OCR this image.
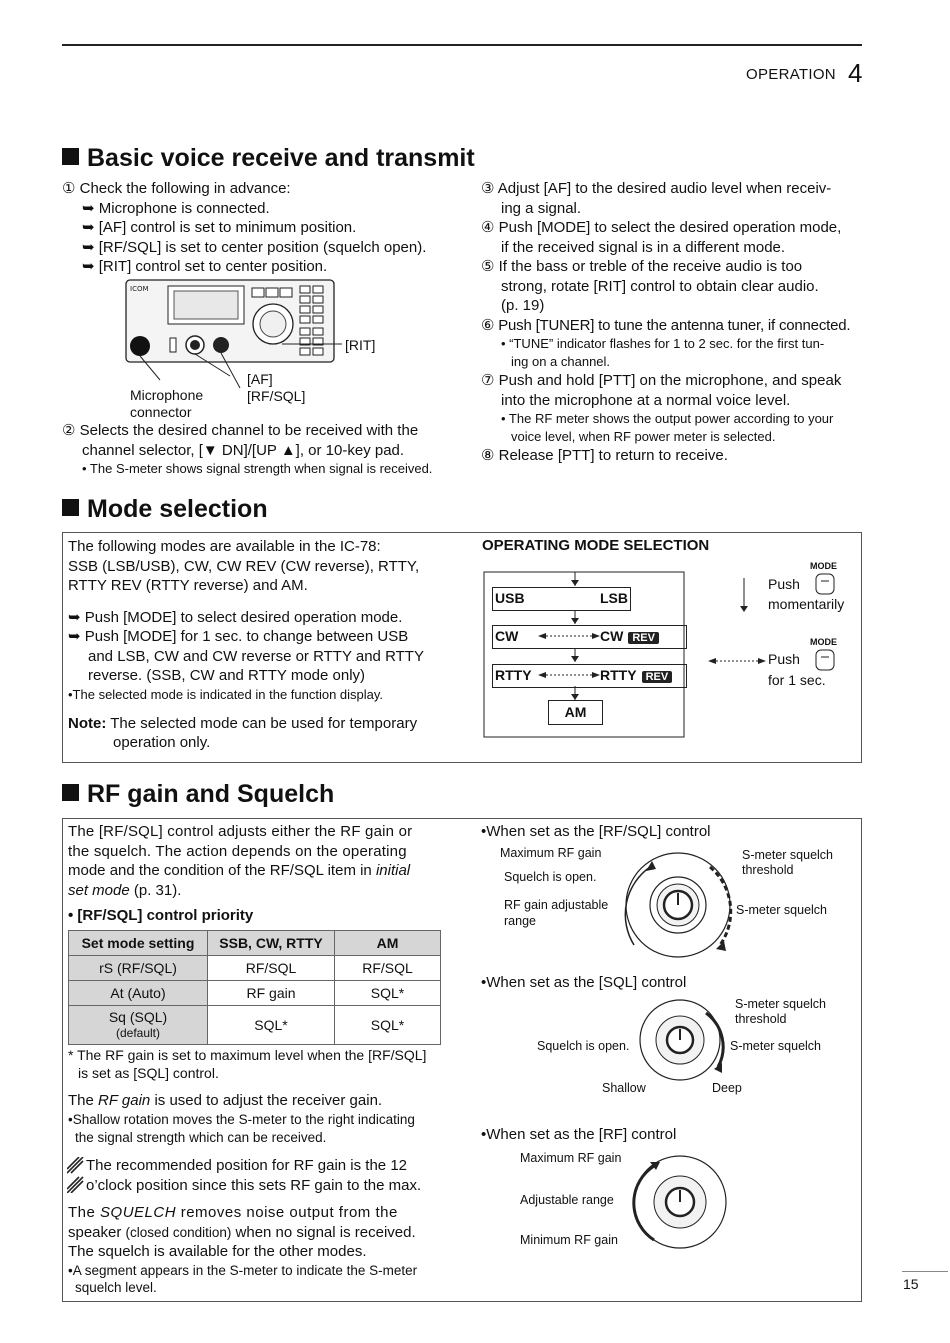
OPERATION 4
Basic voice receive and transmit
① Check the following in advance:
➥ Microphone is connected.
➥ [AF] control is set to minimum position.
➥ [RF/SQL] is set to center position (squelch open).
➥ [RIT] control set to center position.
ICOM
[RIT]
[AF]
[RF/SQL]
Microphone
connector
② Selects the desired channel to be received with the
channel selector, [▼ DN]/[UP ▲], or 10-key pad.
• The S-meter shows signal strength when signal is received.
③ Adjust [AF] to the desired audio level when receiv-
ing a signal.
④ Push [MODE] to select the desired operation mode,
if the received signal is in a different mode.
⑤ If the bass or treble of the receive audio is too
strong, rotate [RIT] control to obtain clear audio.
(p. 19)
⑥ Push [TUNER] to tune the antenna tuner, if connected.
• “TUNE” indicator flashes for 1 to 2 sec. for the first tun-
ing on a channel.
⑦ Push and hold [PTT] on the microphone, and speak
into the microphone at a normal voice level.
• The RF meter shows the output power according to your
voice level, when RF power meter is selected.
⑧ Release [PTT] to return to receive.
Mode selection
The following modes are available in the IC-78:
SSB (LSB/USB), CW, CW REV (CW reverse), RTTY,
RTTY REV (RTTY reverse) and AM.
➥ Push [MODE] to select desired operation mode.
➥ Push [MODE] for 1 sec. to change between USB
and LSB, CW and CW reverse or RTTY and RTTY
reverse. (SSB, CW and RTTY mode only)
•The selected mode is indicated in the function display.
Note: The selected mode can be used for temporary
operation only.
OPERATING MODE SELECTION
USB	LSB
CW	CW REV
RTTY	RTTY REV
AM
MODE
Push
momentarily
MODE
Push
for 1 sec.
RF gain and Squelch
The [RF/SQL] control adjusts either the RF gain or
the squelch. The action depends on the operating
mode and the condition of the RF/SQL item in initial
set mode (p. 31).
• [RF/SQL] control priority
Set mode setting	SSB, CW, RTTY	AM
rS (RF/SQL)	RF/SQL	RF/SQL
At (Auto)	RF gain	SQL*
Sq (SQL)
(default)	SQL*	SQL*
* The RF gain is set to maximum level when the [RF/SQL]
is set as [SQL] control.
The RF gain is used to adjust the receiver gain.
•Shallow rotation moves the S-meter to the right indicating
the signal strength which can be received.
The recommended position for RF gain is the 12
o’clock position since this sets RF gain to the max.
The SQUELCH removes noise output from the
speaker (closed condition) when no signal is received.
The squelch is available for the other modes.
•A segment appears in the S-meter to indicate the S-meter
squelch level.
•When set as the [RF/SQL] control
Maximum RF gain
Squelch is open.
RF gain adjustable
range
S-meter squelch
threshold
S-meter squelch
•When set as the [SQL] control
S-meter squelch
threshold
Squelch is open.	S-meter squelch
Shallow	Deep
•When set as the [RF] control
Maximum RF gain
Adjustable range
Minimum RF gain
15
